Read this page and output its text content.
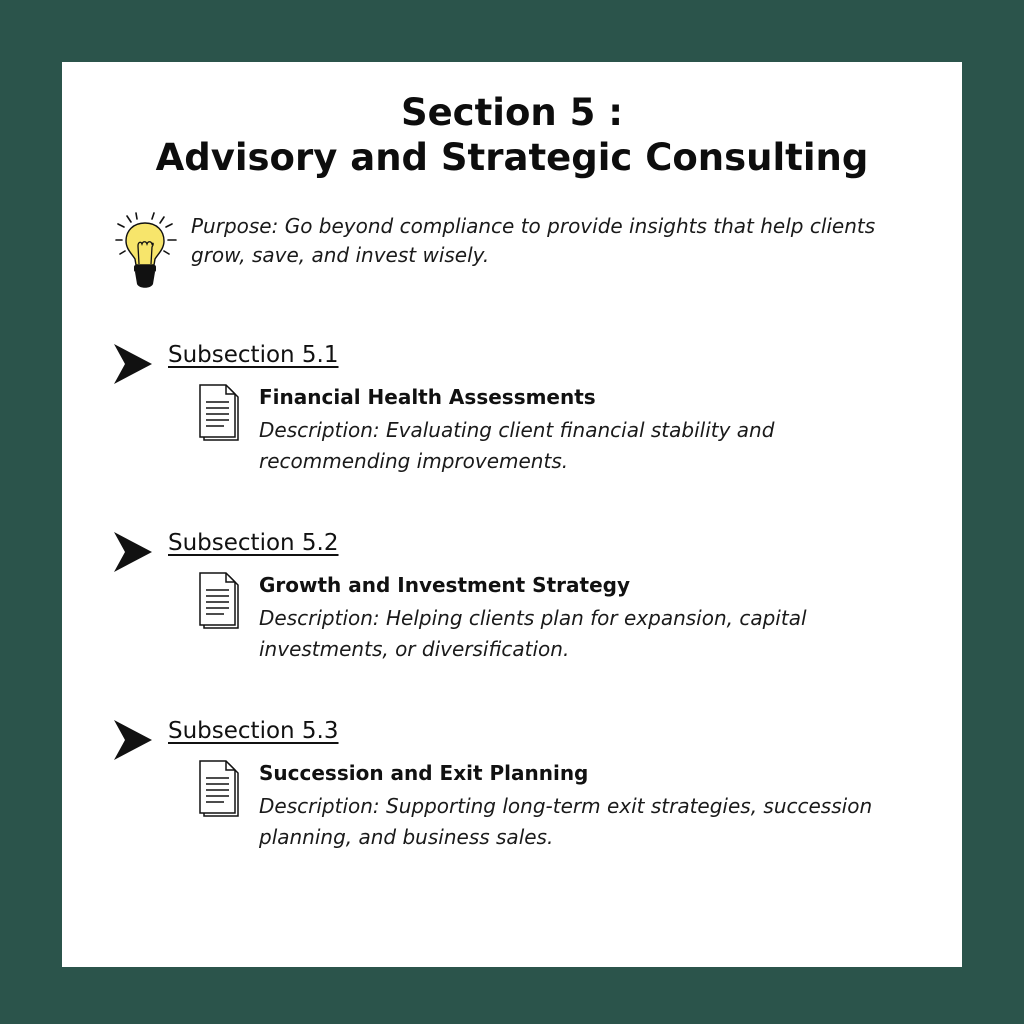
Section 5 :
Advisory and Strategic Consulting
Purpose: Go beyond compliance to provide insights that help clients grow, save, and invest wisely.
Subsection 5.1
Financial Health Assessments
Description: Evaluating client financial stability and recommending improvements.
Subsection 5.2
Growth and Investment Strategy
Description: Helping clients plan for expansion, capital investments, or diversification.
Subsection 5.3
Succession and Exit Planning
Description: Supporting long-term exit strategies, succession planning, and business sales.
